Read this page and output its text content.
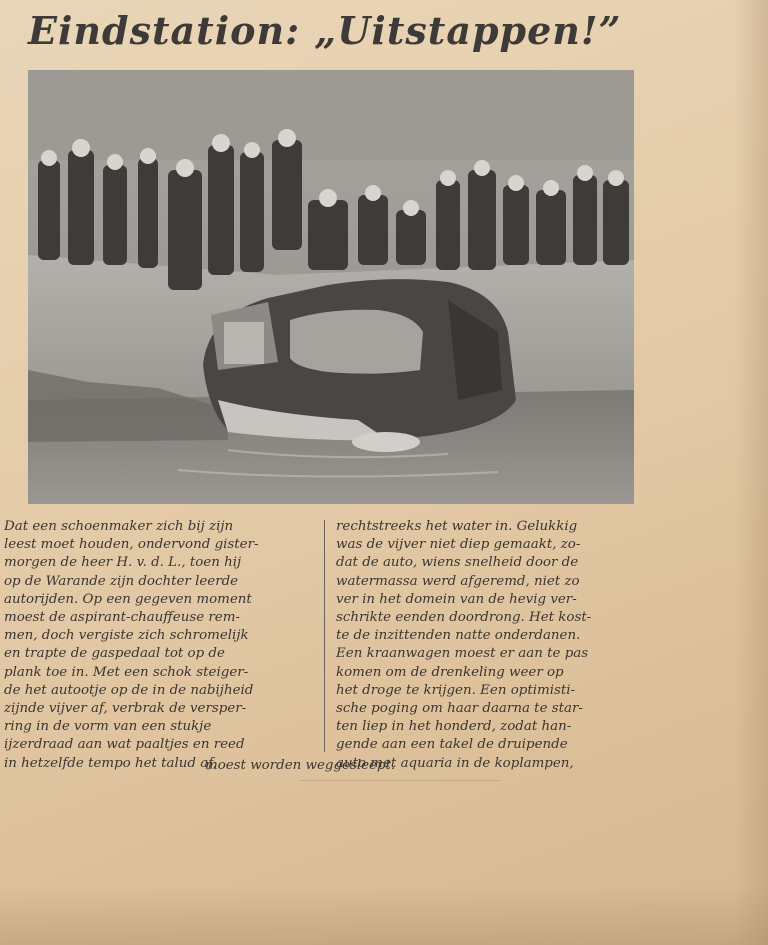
Eindstation: „Uitstappen!”
Dat een schoenmaker zich bij zijn
leest moet houden, ondervond gister-
morgen de heer H. v. d. L., toen hij
op de Warande zijn dochter leerde
autorijden. Op een gegeven moment
moest de aspirant-chauffeuse rem-
men, doch vergiste zich schromelijk
en trapte de gaspedaal tot op de
plank toe in. Met een schok steiger-
de het autootje op de in de nabijheid
zijnde vijver af, verbrak de versper-
ring in de vorm van een stukje
ijzerdraad aan wat paaltjes en reed
in hetzelfde tempo het talud af,
rechtstreeks het water in. Gelukkig
was de vijver niet diep gemaakt, zo-
dat de auto, wiens snelheid door de
watermassa werd afgeremd, niet zo
ver in het domein van de hevig ver-
schrikte eenden doordrong. Het kost-
te de inzittenden natte onderdanen.
Een kraanwagen moest er aan te pas
komen om de drenkeling weer op
het droge te krijgen. Een optimisti-
sche poging om haar daarna te star-
ten liep in het honderd, zodat han-
gende aan een takel de druipende
auto met aquaria in de koplampen,
moest worden weggesleept.
